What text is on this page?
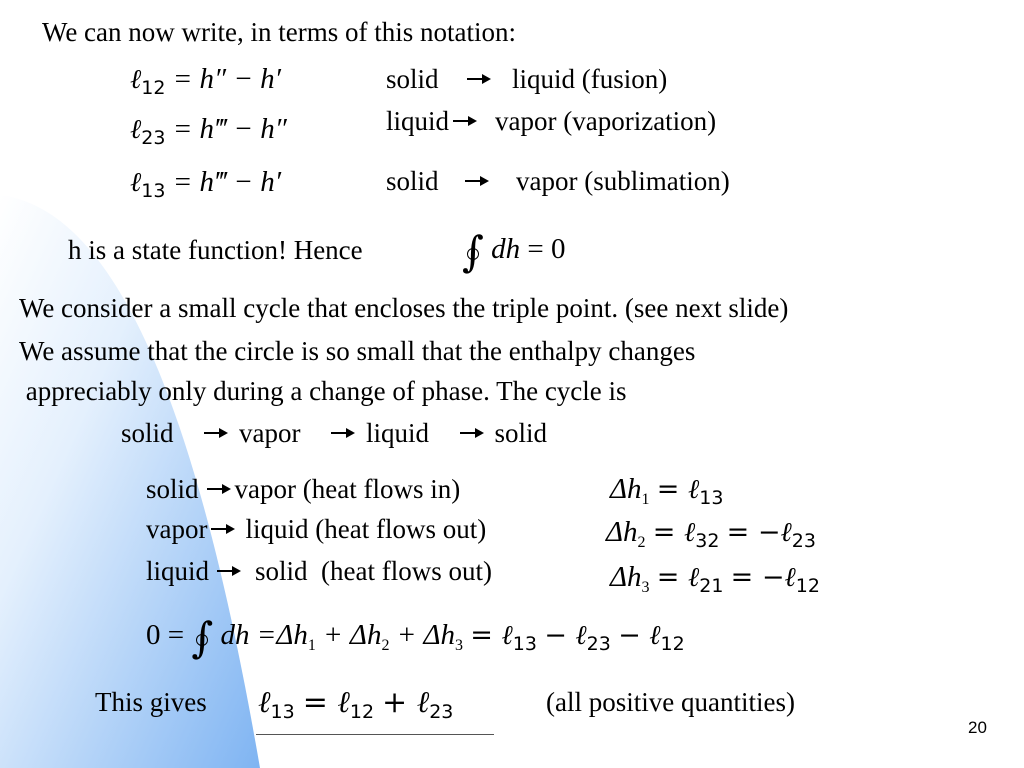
We can now write, in terms of this notation:
ℓ$_{12}$ = h″ − h′	solid	liquid (fusion)
ℓ$_{23}$ = h‴ − h″	liquid vapor (vaporization)
ℓ$_{13}$ = h‴ − h′	solid	vapor (sublimation)
h is a state function! Hence ∫ dh = 0
We consider a small cycle that encloses the triple point. (see next slide)
We assume that the circle is so small that the enthalpy changes
appreciably only during a change of phase. The cycle is
solid vapor liquid solid
solid vapor (heat flows in)	$\Delta h_1$ = ℓ$_{13}$
vapor liquid (heat flows out)	$\Delta h_2$ = ℓ$_{32}$ = −ℓ$_{23}$
liquid solid  (heat flows out)	$\Delta h_3$ = ℓ$_{21}$ = −ℓ$_{12}$
0 = ∫ dh $=\Delta h_1 + \Delta h_2 + \Delta h_3$ = ℓ$_{13}$ − ℓ$_{23}$ − ℓ$_{12}$
This gives ℓ$_{13}$ = ℓ$_{12}$ + ℓ$_{23}$	(all positive quantities)
20
